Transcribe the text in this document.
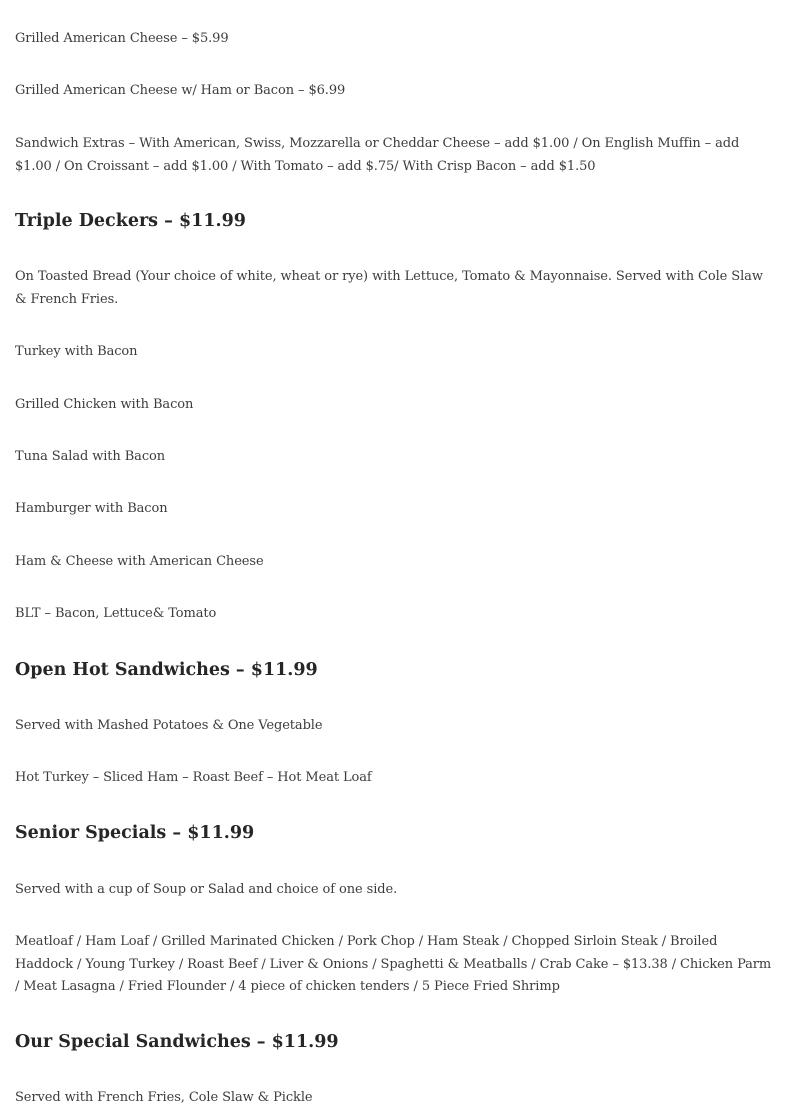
Grilled American Cheese – $5.99

Grilled American Cheese w/ Ham or Bacon – $6.99

Sandwich Extras – With American, Swiss, Mozzarella or Cheddar Cheese – add $1.00 / On English Muffin – add $1.00 / On Croissant – add $1.00 / With Tomato – add $.75/ With Crisp Bacon – add $1.50

Triple Deckers – $11.99

On Toasted Bread (Your choice of white, wheat or rye) with Lettuce, Tomato & Mayonnaise. Served with Cole Slaw & French Fries.

Turkey with Bacon

Grilled Chicken with Bacon

Tuna Salad with Bacon

Hamburger with Bacon

Ham & Cheese with American Cheese

BLT – Bacon, Lettuce& Tomato

Open Hot Sandwiches – $11.99

Served with Mashed Potatoes & One Vegetable

Hot Turkey – Sliced Ham – Roast Beef – Hot Meat Loaf

Senior Specials – $11.99

Served with a cup of Soup or Salad and choice of one side.

Meatloaf / Ham Loaf / Grilled Marinated Chicken / Pork Chop / Ham Steak / Chopped Sirloin Steak / Broiled Haddock / Young Turkey / Roast Beef / Liver & Onions / Spaghetti & Meatballs / Crab Cake – $13.38 / Chicken Parm / Meat Lasagna / Fried Flounder / 4 piece of chicken tenders / 5 Piece Fried Shrimp

Our Special Sandwiches – $11.99

Served with French Fries, Cole Slaw & Pickle
